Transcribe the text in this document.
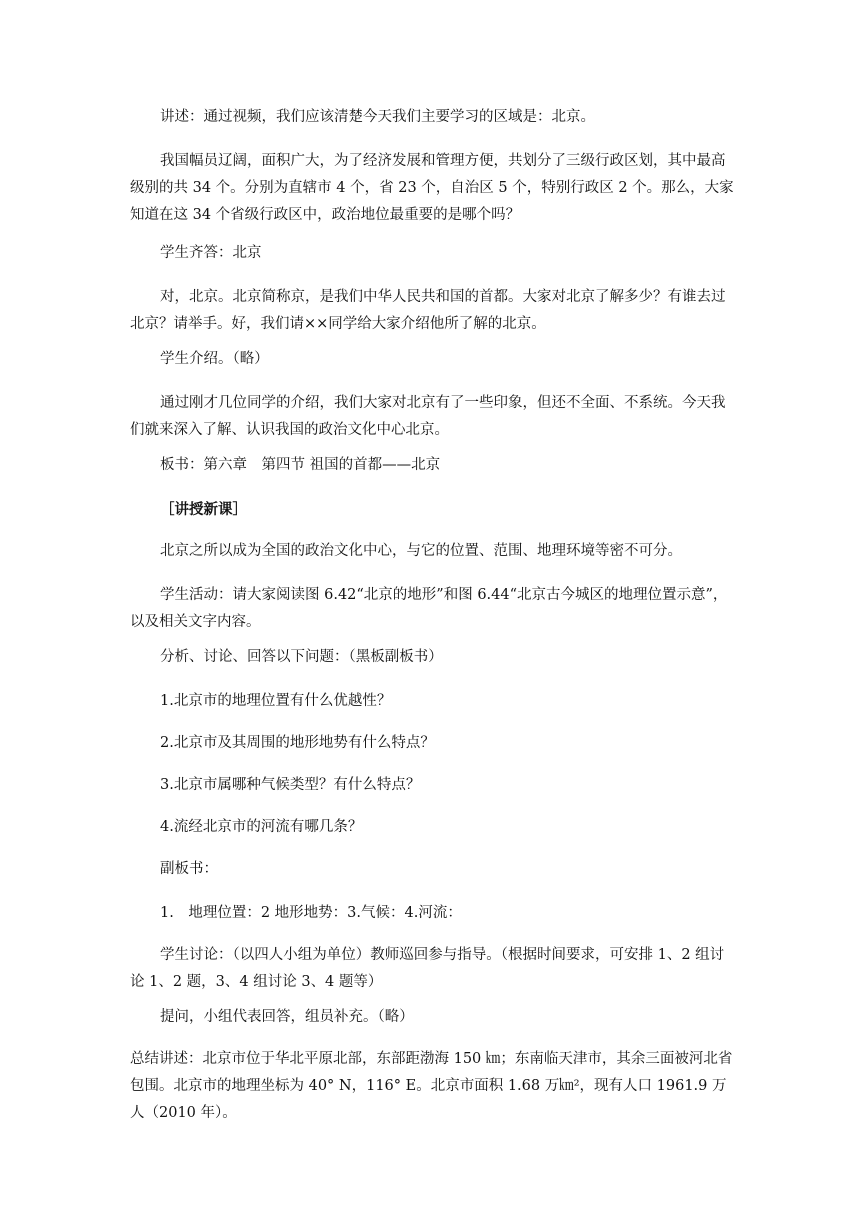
讲述：通过视频，我们应该清楚今天我们主要学习的区域是：北京。

我国幅员辽阔，面积广大，为了经济发展和管理方便，共划分了三级行政区划，其中最高级别的共 34 个。分别为直辖市 4 个，省 23 个，自治区 5 个，特别行政区 2 个。那么，大家知道在这 34 个省级行政区中，政治地位最重要的是哪个吗？

学生齐答：北京

对，北京。北京简称京，是我们中华人民共和国的首都。大家对北京了解多少？有谁去过北京？请举手。好，我们请××同学给大家介绍他所了解的北京。

学生介绍。（略）

通过刚才几位同学的介绍，我们大家对北京有了一些印象，但还不全面、不系统。今天我们就来深入了解、认识我国的政治文化中心北京。

板书：第六章　第四节 祖国的首都——北京

［讲授新课］

北京之所以成为全国的政治文化中心，与它的位置、范围、地理环境等密不可分。

学生活动：请大家阅读图 6.42“北京的地形”和图 6.44“北京古今城区的地理位置示意”，以及相关文字内容。

分析、讨论、回答以下问题：（黑板副板书）

1.北京市的地理位置有什么优越性？

2.北京市及其周围的地形地势有什么特点？

3.北京市属哪种气候类型？有什么特点？

4.流经北京市的河流有哪几条？

副板书：

1.　地理位置：2 地形地势：3.气候：4.河流：

学生讨论：（以四人小组为单位）教师巡回参与指导。（根据时间要求，可安排 1、2 组讨论 1、2 题，3、4 组讨论 3、4 题等）

提问，小组代表回答，组员补充。（略）

总结讲述：北京市位于华北平原北部，东部距渤海 150 ㎞；东南临天津市，其余三面被河北省包围。北京市的地理坐标为 40° N，116° E。北京市面积 1.68 万㎞²，现有人口 1961.9 万人（2010 年）。
